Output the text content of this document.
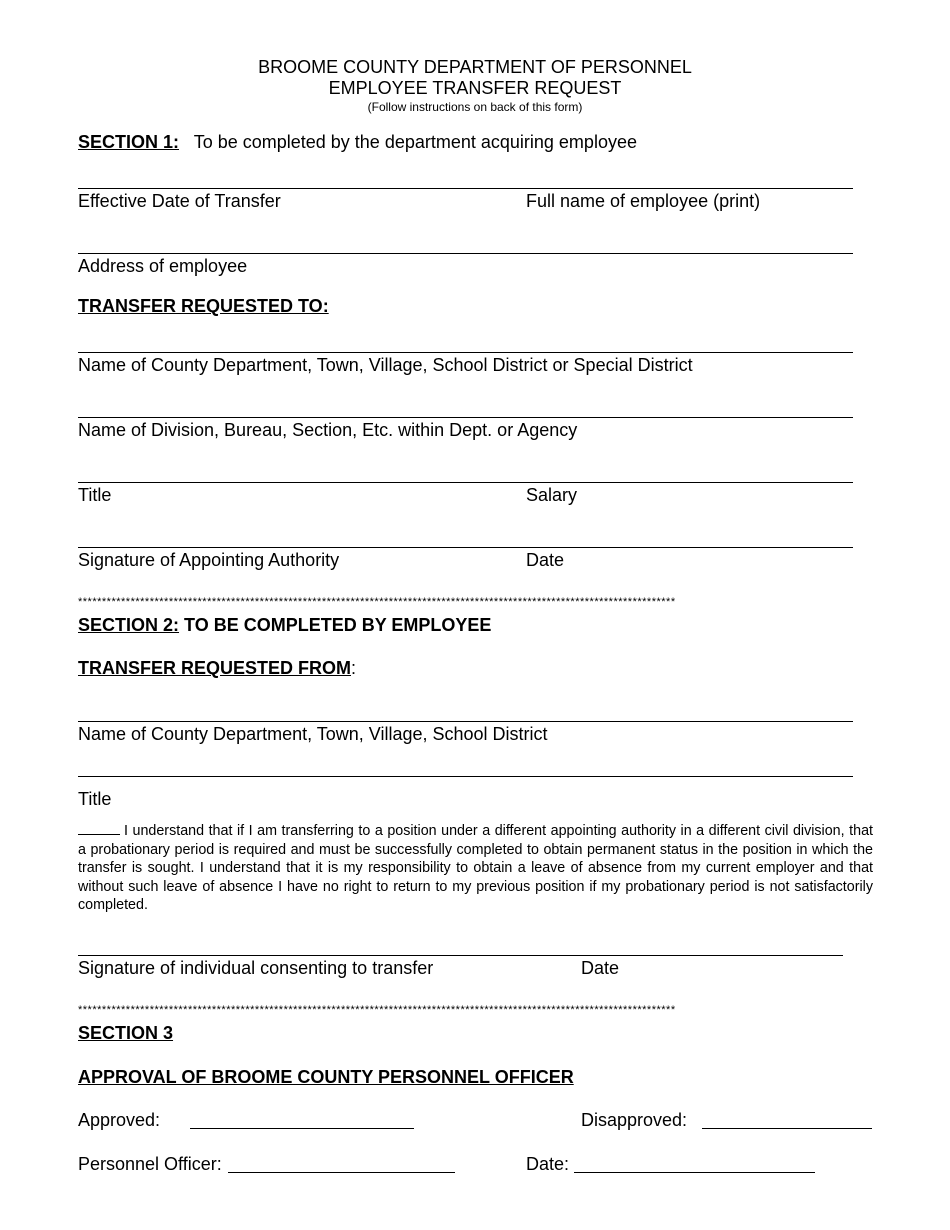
BROOME COUNTY DEPARTMENT OF PERSONNEL
EMPLOYEE TRANSFER REQUEST
(Follow instructions on back of this form)
SECTION 1: To be completed by the department acquiring employee
Effective Date of Transfer	Full name of employee (print)
Address of employee
TRANSFER REQUESTED TO:
Name of County Department, Town, Village, School District or Special District
Name of Division, Bureau, Section, Etc. within Dept. or Agency
Title	Salary
Signature of Appointing Authority	Date
*****************************************************************************************************************************
SECTION 2: TO BE COMPLETED BY EMPLOYEE
TRANSFER REQUESTED FROM:
Name of County Department, Town, Village, School District
Title
I understand that if I am transferring to a position under a different appointing authority in a different civil division, that a probationary period is required and must be successfully completed to obtain permanent status in the position in which the transfer is sought. I understand that it is my responsibility to obtain a leave of absence from my current employer and that without such leave of absence I have no right to return to my previous position if my probationary period is not satisfactorily completed.
Signature of individual consenting to transfer	Date
*****************************************************************************************************************************
SECTION 3
APPROVAL OF BROOME COUNTY PERSONNEL OFFICER
Approved:	Disapproved:
Personnel Officer:	Date:
